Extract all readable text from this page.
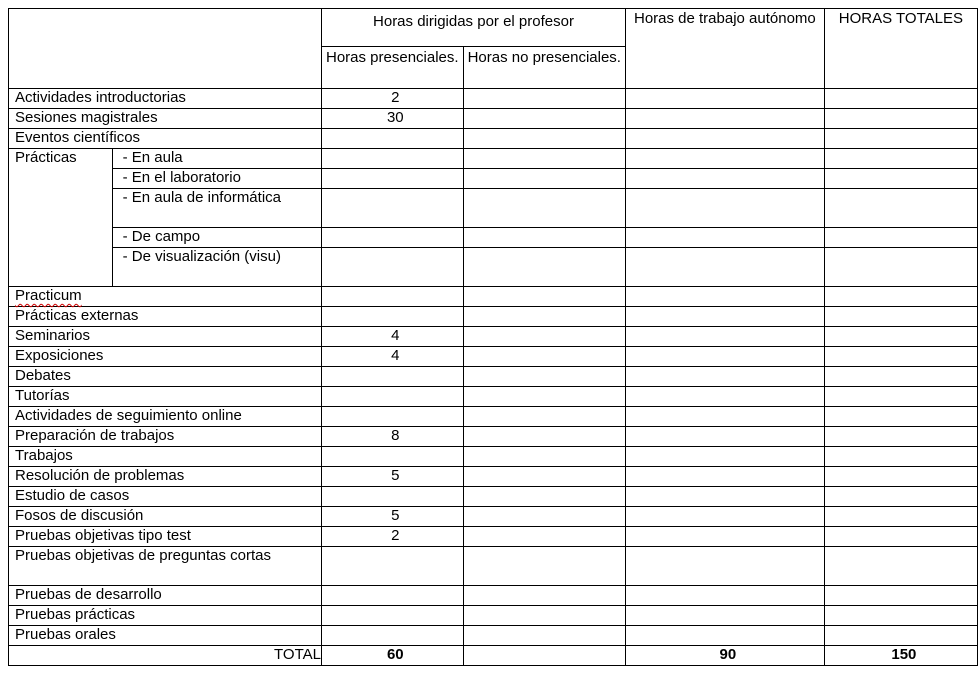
		Horas dirigidas por el profesor		Horas de trabajo autónomo	HORAS TOTALES
		Horas presenciales.	Horas no presenciales.		
Actividades introductorias		2			
Sesiones magistrales		30			
Eventos científicos					
Prácticas	- En aula				
	- En el laboratorio				
	- En aula de informática				
	- De campo				
	- De visualización (visu)				
Practicum					
Prácticas externas					
Seminarios		4			
Exposiciones		4			
Debates					
Tutorías					
Actividades de seguimiento online					
Preparación de trabajos		8			
Trabajos					
Resolución de problemas		5			
Estudio de casos					
Fosos de discusión		5			
Pruebas objetivas tipo test		2			
Pruebas objetivas de preguntas cortas					
Pruebas de desarrollo					
Pruebas prácticas					
Pruebas orales					
TOTAL		60		90	150
